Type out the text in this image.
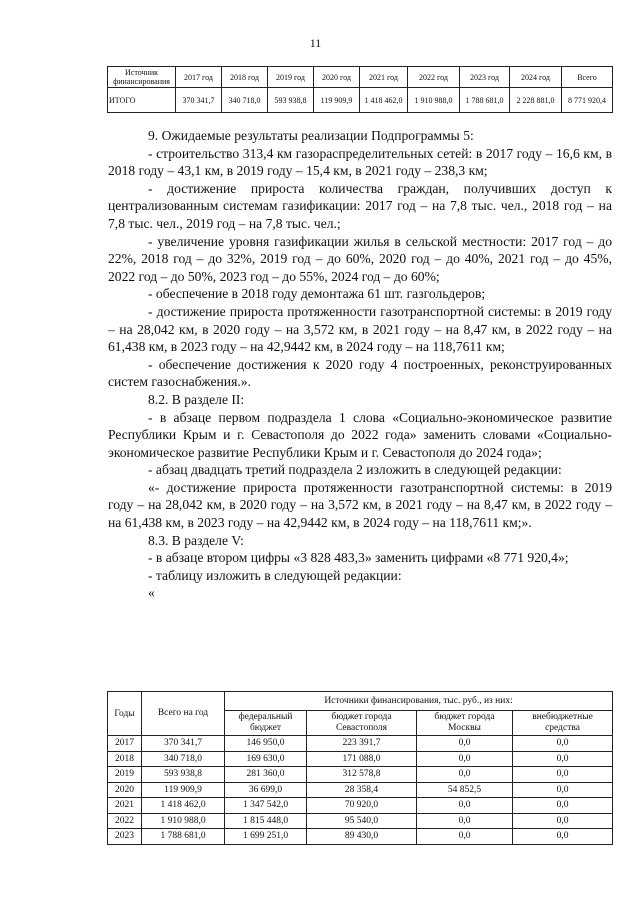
11
Источник финансирования	2017 год	2018 год	2019 год	2020 год	2021 год	2022 год	2023 год	2024 год	Всего
ИТОГО	370 341,7	340 718,0	593 938,8	119 909,9	1 418 462,0	1 910 988,0	1 788 681,0	2 228 881,0	8 771 920,4

9. Ожидаемые результаты реализации Подпрограммы 5:

- строительство 313,4 км газораспределительных сетей: в 2017 году – 16,6 км, в 2018 году – 43,1 км, в 2019 году – 15,4 км, в 2021 году – 238,3 км;

- достижение прироста количества граждан, получивших доступ к централизованным системам газификации: 2017 год – на 7,8 тыс. чел., 2018 год – на 7,8 тыс. чел., 2019 год – на 7,8 тыс. чел.;

- увеличение уровня газификации жилья в сельской местности: 2017 год – до 22%, 2018 год – до 32%, 2019 год – до 60%, 2020 год – до 40%, 2021 год – до 45%, 2022 год – до 50%, 2023 год – до 55%, 2024 год – до 60%;

- обеспечение в 2018 году демонтажа 61 шт. газгольдеров;

- достижение прироста протяженности газотранспортной системы: в 2019 году – на 28,042 км, в 2020 году – на 3,572 км, в 2021 году – на 8,47 км, в 2022 году – на 61,438 км, в 2023 году – на 42,9442 км, в 2024 году – на 118,7611 км;

- обеспечение достижения к 2020 году 4 построенных, реконструированных систем газоснабжения.».

8.2. В разделе II:

- в абзаце первом подраздела 1 слова «Социально-экономическое развитие Республики Крым и г. Севастополя до 2022 года» заменить словами «Социально-экономическое развитие Республики Крым и г. Севастополя до 2024 года»;

- абзац двадцать третий подраздела 2 изложить в следующей редакции:

«- достижение прироста протяженности газотранспортной системы: в 2019 году – на 28,042 км, в 2020 году – на 3,572 км, в 2021 году – на 8,47 км, в 2022 году – на 61,438 км, в 2023 году – на 42,9442 км, в 2024 году – на 118,7611 км;».

8.3. В разделе V:

- в абзаце втором цифры «3 828 483,3» заменить цифрами «8 771 920,4»;

- таблицу изложить в следующей редакции:

«

Годы	Всего на год	Источники финансирования, тыс. руб., из них:			
		федеральный бюджет	бюджет города Севастополя	бюджет города Москвы	внебюджетные средства
2017	370 341,7	146 950,0	223 391,7	0,0	0,0
2018	340 718,0	169 630,0	171 088,0	0,0	0,0
2019	593 938,8	281 360,0	312 578,8	0,0	0,0
2020	119 909,9	36 699,0	28 358,4	54 852,5	0,0
2021	1 418 462,0	1 347 542,0	70 920,0	0,0	0,0
2022	1 910 988,0	1 815 448,0	95 540,0	0,0	0,0
2023	1 788 681,0	1 699 251,0	89 430,0	0,0	0,0
